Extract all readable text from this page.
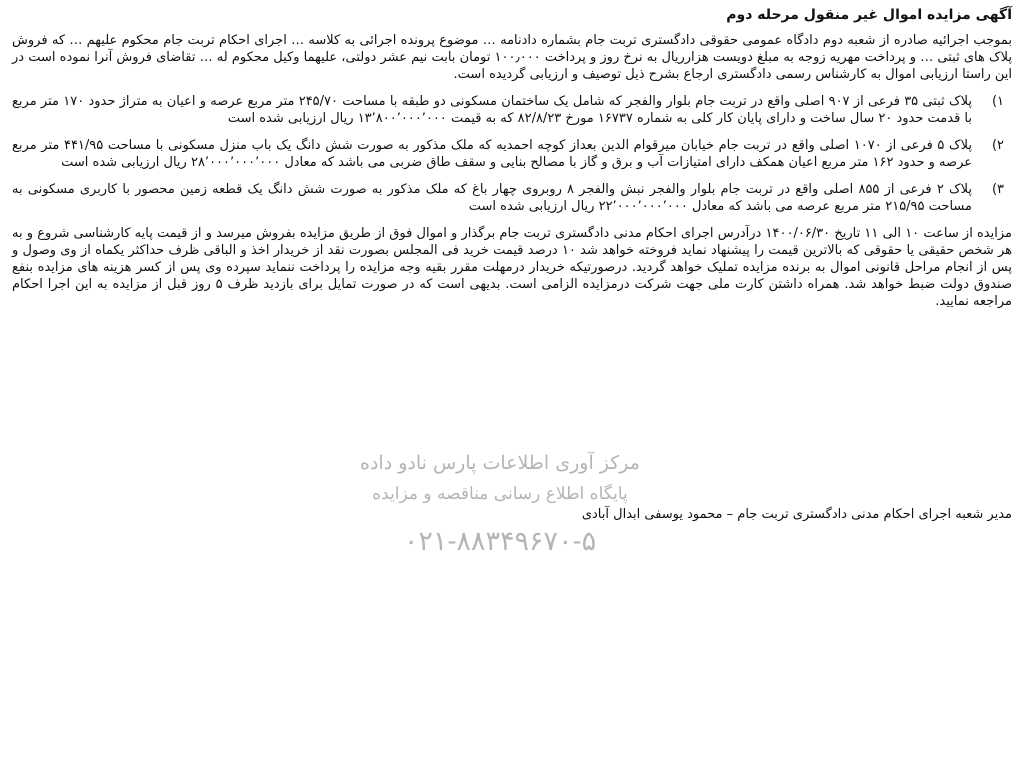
آگهی مزایده اموال غیر منقول مرحله دوم
بموجب اجرائیه صادره از شعبه دوم دادگاه عمومی حقوقی دادگستری تربت جام بشماره دادنامه … موضوع پرونده اجرائی به کلاسه … اجرای احکام تربت جام محکوم علیهم … که فروش پلاک های ثبتی … و پرداخت مهریه زوجه به مبلغ دویست هزارریال به نرخ روز و پرداخت ۱۰۰٫۰۰۰ تومان بابت نیم عشر دولتی، علیهما وکیل محکوم له … تقاضای فروش آنرا نموده است در این راستا ارزیابی اموال به کارشناس رسمی دادگستری ارجاع بشرح ذیل توصیف و ارزیابی گردیده است.
۱)
پلاک ثبتی ۳۵ فرعی از ۹۰۷ اصلی واقع در تربت جام بلوار والفجر که شامل یک ساختمان مسکونی دو طبقه با مساحت ۲۴۵/۷۰ متر مربع عرصه و اعیان به متراژ حدود ۱۷۰ متر مربع با قدمت حدود ۲۰ سال ساخت و دارای پایان کار کلی به شماره ۱۶۷۳۷ مورخ ۸۲/۸/۲۳ که به قیمت ۱۳٬۸۰۰٬۰۰۰٬۰۰۰ ریال ارزیابی شده است
۲)
پلاک ۵ فرعی از ۱۰۷۰ اصلی واقع در تربت جام خیابان میرقوام الدین بعداز کوچه احمدیه که ملک مذکور به صورت شش دانگ یک باب منزل مسکونی با مساحت ۴۴۱/۹۵ متر مربع عرصه و حدود ۱۶۲ متر مربع اعیان همکف دارای امتیازات آب و برق و گاز با مصالح بنایی و سقف طاق ضربی می باشد که معادل ۲۸٬۰۰۰٬۰۰۰٬۰۰۰ ریال ارزیابی شده است
۳)
پلاک ۲ فرعی از ۸۵۵ اصلی واقع در تربت جام بلوار والفجر نبش والفجر ۸ روبروی چهار باغ که ملک مذکور به صورت شش دانگ یک قطعه زمین محصور با کاربری مسکونی به مساحت ۲۱۵/۹۵ متر مربع عرصه می باشد که معادل ۲۲٬۰۰۰٬۰۰۰٬۰۰۰ ریال ارزیابی شده است
مزایده از ساعت ۱۰ الی ۱۱ تاریخ ۱۴۰۰/۰۶/۳۰ درآدرس اجرای احکام مدنی دادگستری تربت جام برگذار و اموال فوق از طریق مزایده بفروش میرسد و از قیمت پایه کارشناسی شروع و به هر شخص حقیقی یا حقوقی که بالاترین قیمت را پیشنهاد نماید فروخته خواهد شد ۱۰ درصد قیمت خرید فی المجلس بصورت نقد از خریدار اخذ و الباقی ظرف حداکثر یکماه از وی وصول و پس از انجام مراحل قانونی اموال به برنده مزایده تملیک خواهد گردید. درصورتیکه خریدار درمهلت مقرر بقیه وجه مزایده را پرداخت ننماید سپرده وی پس از کسر هزینه های مزایده بنفع صندوق دولت ضبط خواهد شد. همراه داشتن کارت ملی جهت شرکت درمزایده الزامی است. بدیهی است که در صورت تمایل برای بازدید ظرف ۵ روز قبل از مزایده به این اجرا احکام مراجعه نمایید.
مرکز آوری اطلاعات پارس نادو داده
پایگاه اطلاع رسانی مناقصه و مزایده
۰۲۱-۸۸۳۴۹۶۷۰-۵
مدیر شعبه اجرای احکام مدنی دادگستری تربت جام – محمود یوسفی ابدال آبادی
